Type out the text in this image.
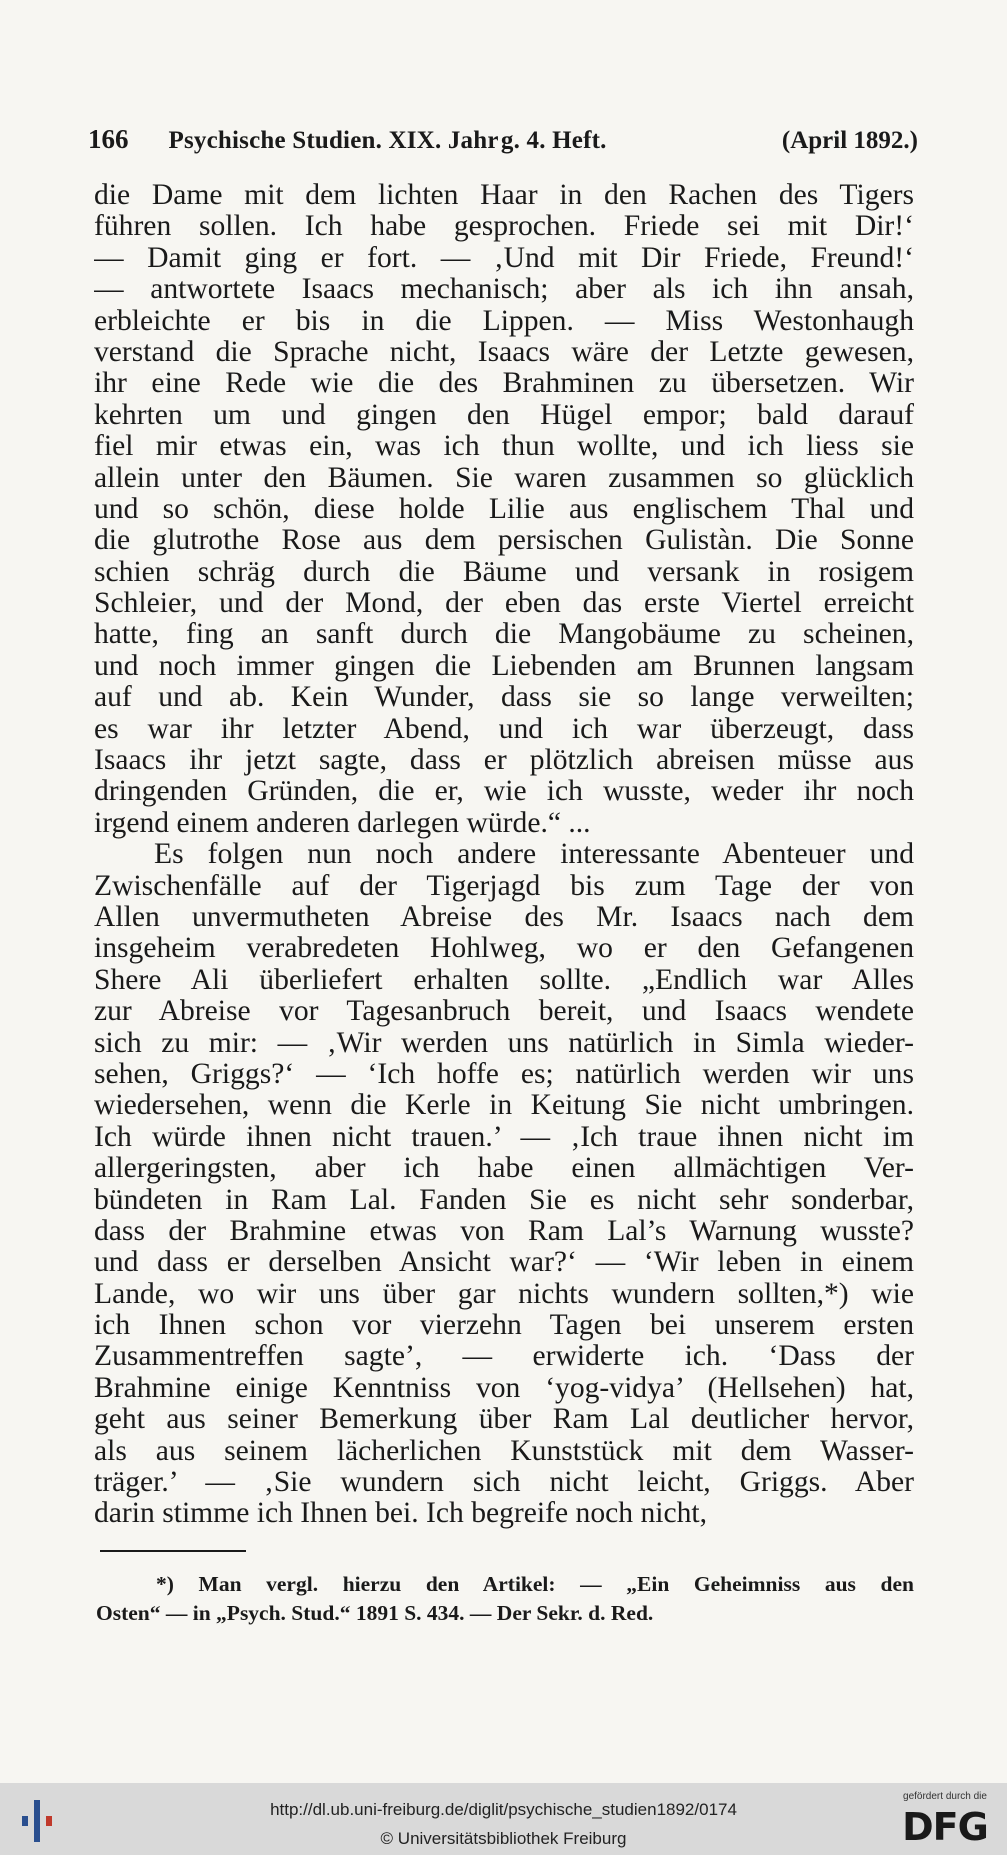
166 Psychische Studien. XIX. Jahr g. 4. Heft.	(April 1892.)
die Dame mit dem lichten Haar in den Rachen des Tigers
führen sollen. Ich habe gesprochen. Friede sei mit Dir!‘
— Damit ging er fort. — ‚Und mit Dir Friede, Freund!‘
— antwortete Isaacs mechanisch; aber als ich ihn ansah,
erbleichte er bis in die Lippen. — Miss Westonhaugh
verstand die Sprache nicht, Isaacs wäre der Letzte gewesen,
ihr eine Rede wie die des Brahminen zu übersetzen. Wir
kehrten um und gingen den Hügel empor; bald darauf
fiel mir etwas ein, was ich thun wollte, und ich liess sie
allein unter den Bäumen. Sie waren zusammen so glücklich
und so schön, diese holde Lilie aus englischem Thal und
die glutrothe Rose aus dem persischen Gulistàn. Die Sonne
schien schräg durch die Bäume und versank in rosigem
Schleier, und der Mond, der eben das erste Viertel erreicht
hatte, fing an sanft durch die Mangobäume zu scheinen,
und noch immer gingen die Liebenden am Brunnen langsam
auf und ab. Kein Wunder, dass sie so lange verweilten;
es war ihr letzter Abend, und ich war überzeugt, dass
Isaacs ihr jetzt sagte, dass er plötzlich abreisen müsse aus
dringenden Gründen, die er, wie ich wusste, weder ihr noch
irgend einem anderen darlegen würde.“ ...
Es folgen nun noch andere interessante Abenteuer und
Zwischenfälle auf der Tigerjagd bis zum Tage der von
Allen unvermutheten Abreise des Mr. Isaacs nach dem
insgeheim verabredeten Hohlweg, wo er den Gefangenen
Shere Ali überliefert erhalten sollte. „Endlich war Alles
zur Abreise vor Tagesanbruch bereit, und Isaacs wendete
sich zu mir: — ‚Wir werden uns natürlich in Simla wieder-
sehen, Griggs?‘ — ‘Ich hoffe es; natürlich werden wir uns
wiedersehen, wenn die Kerle in Keitung Sie nicht umbringen.
Ich würde ihnen nicht trauen.’ — ‚Ich traue ihnen nicht im
allergeringsten, aber ich habe einen allmächtigen Ver-
bündeten in Ram Lal. Fanden Sie es nicht sehr sonderbar,
dass der Brahmine etwas von Ram Lal’s Warnung wusste?
und dass er derselben Ansicht war?‘ — ‘Wir leben in einem
Lande, wo wir uns über gar nichts wundern sollten,*) wie
ich Ihnen schon vor vierzehn Tagen bei unserem ersten
Zusammentreffen sagte’, — erwiderte ich. ‘Dass der
Brahmine einige Kenntniss von ‘yog-vidya’ (Hellsehen) hat,
geht aus seiner Bemerkung über Ram Lal deutlicher hervor,
als aus seinem lächerlichen Kunststück mit dem Wasser-
träger.’ — ‚Sie wundern sich nicht leicht, Griggs. Aber
darin stimme ich Ihnen bei. Ich begreife noch nicht,
*) Man vergl. hierzu den Artikel: — „Ein Geheimniss aus den
Osten“ — in „Psych. Stud.“ 1891 S. 434. — Der Sekr. d. Red.
http://dl.ub.uni-freiburg.de/diglit/psychische_studien1892/0174
© Universitätsbibliothek Freiburg
gefördert durch die
DFG
